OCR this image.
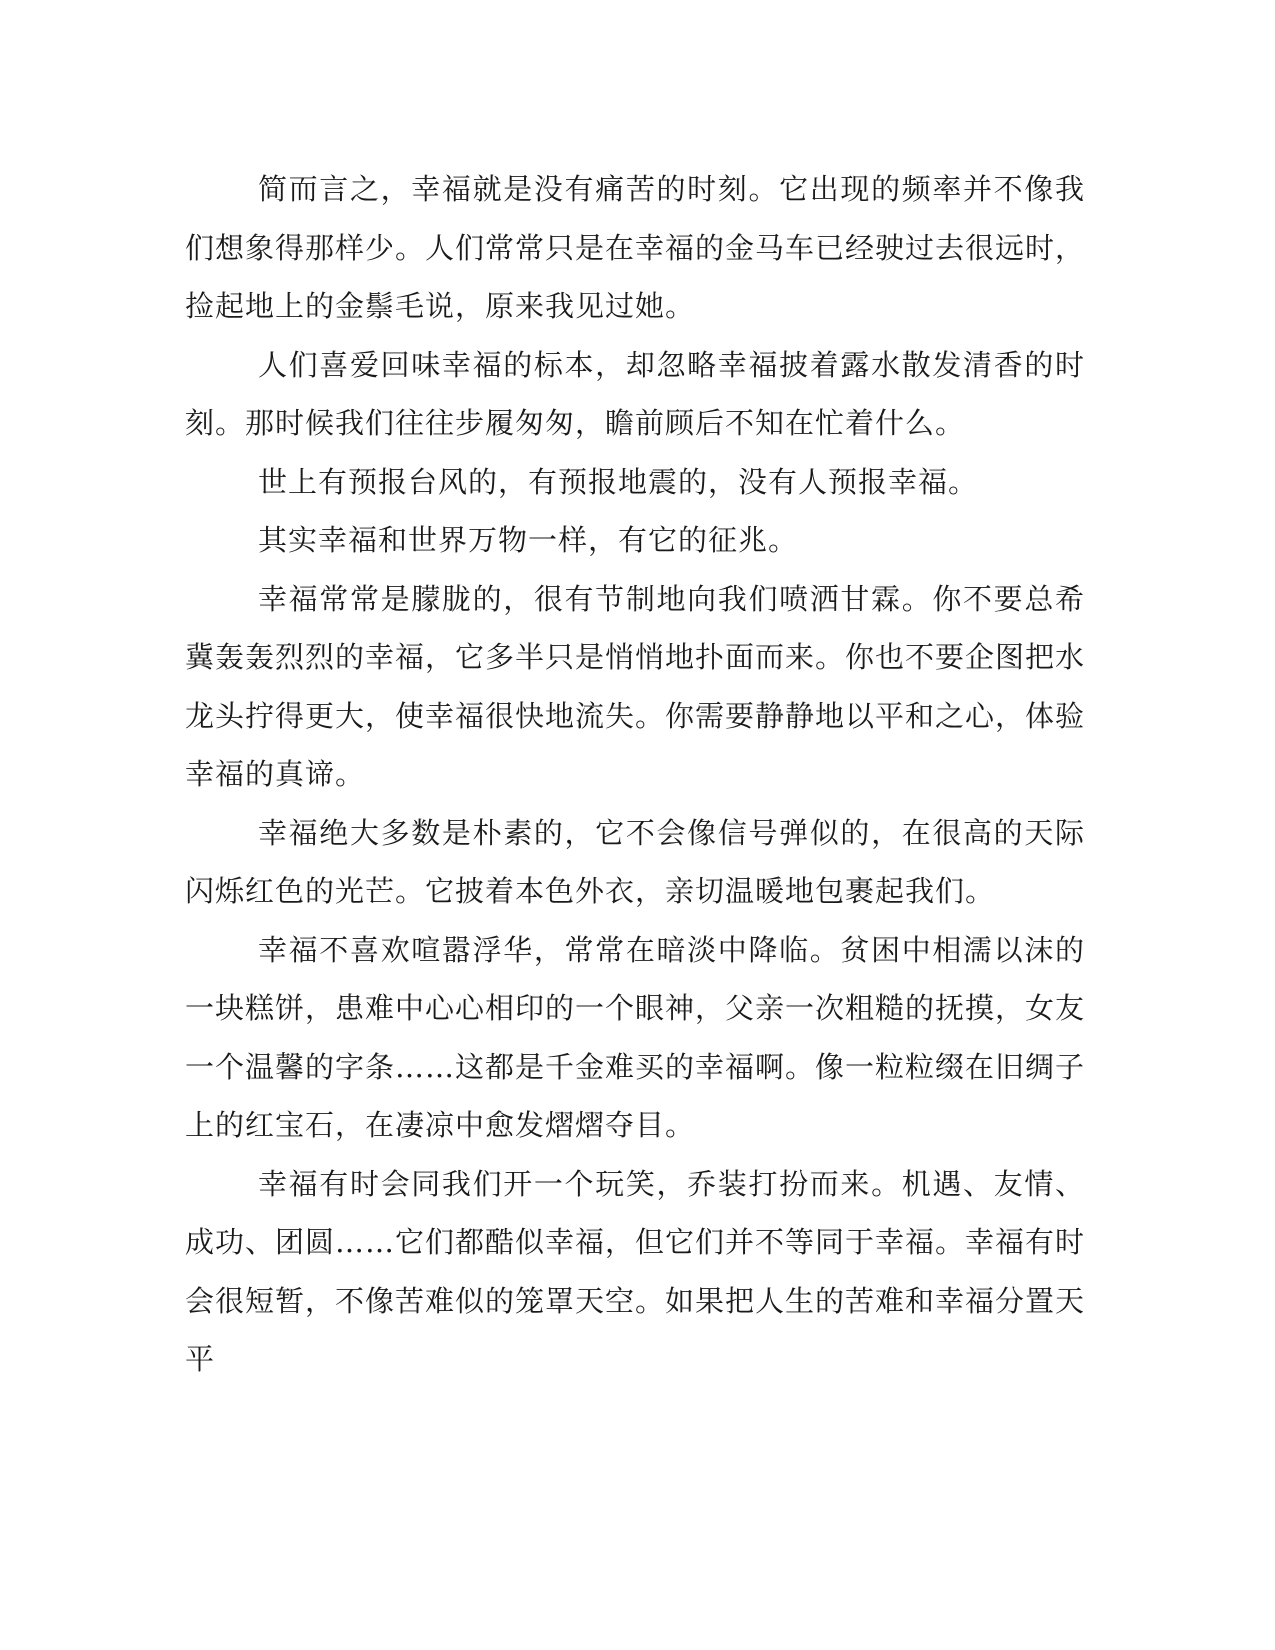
简而言之，幸福就是没有痛苦的时刻。它出现的频率并不像我们想象得那样少。人们常常只是在幸福的金马车已经驶过去很远时，捡起地上的金鬃毛说，原来我见过她。

人们喜爱回味幸福的标本，却忽略幸福披着露水散发清香的时刻。那时候我们往往步履匆匆，瞻前顾后不知在忙着什么。

世上有预报台风的，有预报地震的，没有人预报幸福。

其实幸福和世界万物一样，有它的征兆。

幸福常常是朦胧的，很有节制地向我们喷洒甘霖。你不要总希冀轰轰烈烈的幸福，它多半只是悄悄地扑面而来。你也不要企图把水龙头拧得更大，使幸福很快地流失。你需要静静地以平和之心，体验幸福的真谛。

幸福绝大多数是朴素的，它不会像信号弹似的，在很高的天际闪烁红色的光芒。它披着本色外衣，亲切温暖地包裹起我们。

幸福不喜欢喧嚣浮华，常常在暗淡中降临。贫困中相濡以沫的一块糕饼，患难中心心相印的一个眼神，父亲一次粗糙的抚摸，女友一个温馨的字条……这都是千金难买的幸福啊。像一粒粒缀在旧绸子上的红宝石，在凄凉中愈发熠熠夺目。

幸福有时会同我们开一个玩笑，乔装打扮而来。机遇、友情、成功、团圆……它们都酷似幸福，但它们并不等同于幸福。幸福有时会很短暂，不像苦难似的笼罩天空。如果把人生的苦难和幸福分置天平
